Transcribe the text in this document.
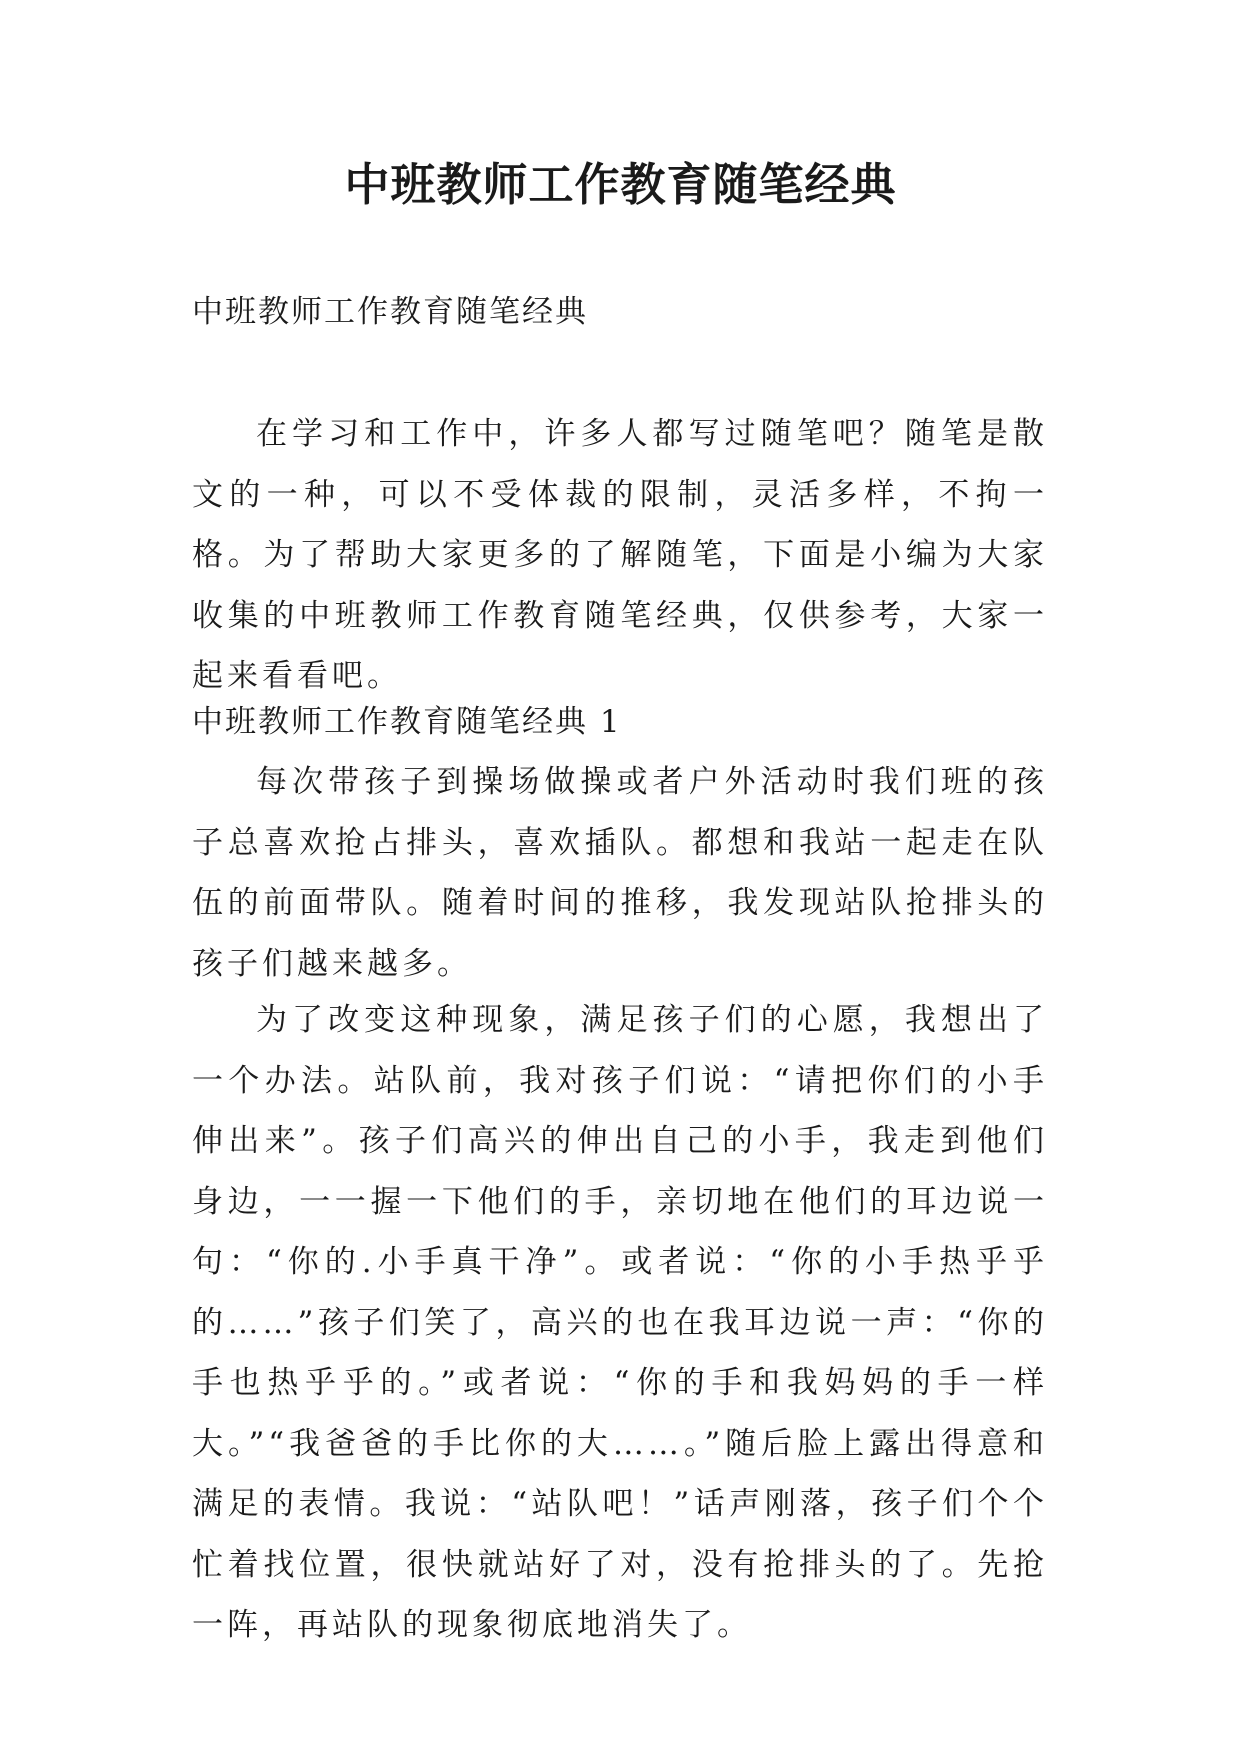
中班教师工作教育随笔经典

中班教师工作教育随笔经典

在学习和工作中，许多人都写过随笔吧？随笔是散文的一种，可以不受体裁的限制，灵活多样，不拘一格。为了帮助大家更多的了解随笔，下面是小编为大家收集的中班教师工作教育随笔经典，仅供参考，大家一起来看看吧。

中班教师工作教育随笔经典 1

每次带孩子到操场做操或者户外活动时我们班的孩子总喜欢抢占排头，喜欢插队。都想和我站一起走在队伍的前面带队。随着时间的推移，我发现站队抢排头的孩子们越来越多。

为了改变这种现象，满足孩子们的心愿，我想出了一个办法。站队前，我对孩子们说：“请把你们的小手伸出来”。孩子们高兴的伸出自己的小手，我走到他们身边，一一握一下他们的手，亲切地在他们的耳边说一句：“你的.小手真干净”。或者说：“你的小手热乎乎的……”孩子们笑了，高兴的也在我耳边说一声：“你的手也热乎乎的。”或者说：“你的手和我妈妈的手一样大。”“我爸爸的手比你的大……。”随后脸上露出得意和满足的表情。我说：“站队吧！”话声刚落，孩子们个个忙着找位置，很快就站好了对，没有抢排头的了。先抢一阵，再站队的现象彻底地消失了。
